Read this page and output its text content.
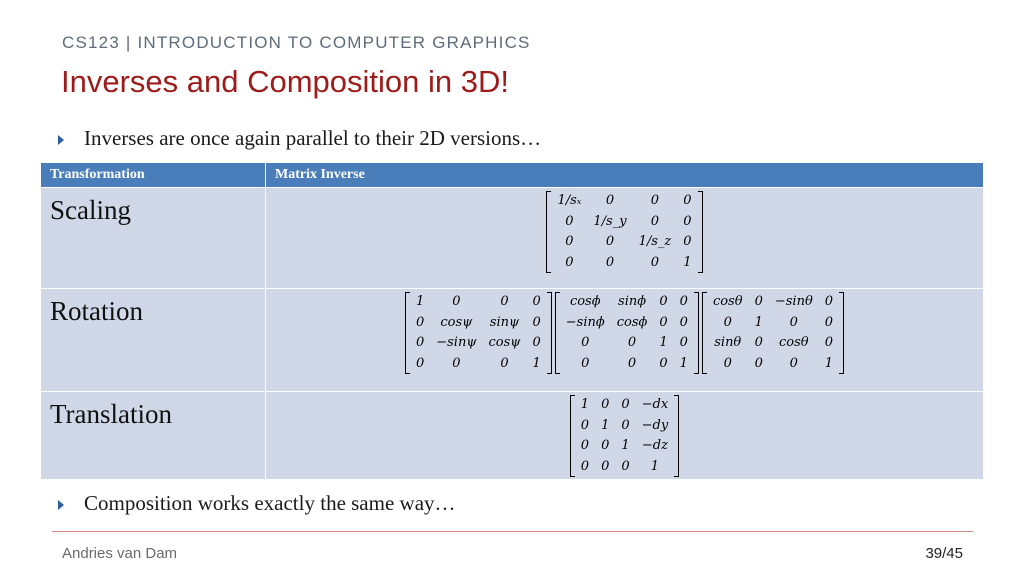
CS123 | INTRODUCTION TO COMPUTER GRAPHICS
Inverses and Composition in 3D!
Inverses are once again parallel to their 2D versions…
Transformation	Matrix Inverse
Scaling		1/sₓ	0	0	0
0	1/s_y	0	0
0	0	1/s_z	0
0	0	0	1

Rotation		1	0	0	0
0	cosψ	sinψ	0
0	−sinψ	cosψ	0
0	0	0	1
cosϕ	sinϕ	0	0
−sinϕ	cosϕ	0	0
0	0	1	0
0	0	0	1
cosθ	0	−sinθ	0
0	1	0	0
sinθ	0	cosθ	0
0	0	0	1

Translation		1	0	0	−dx
0	1	0	−dy
0	0	1	−dz
0	0	0	1
Composition works exactly the same way…
Andries van Dam	39/45
